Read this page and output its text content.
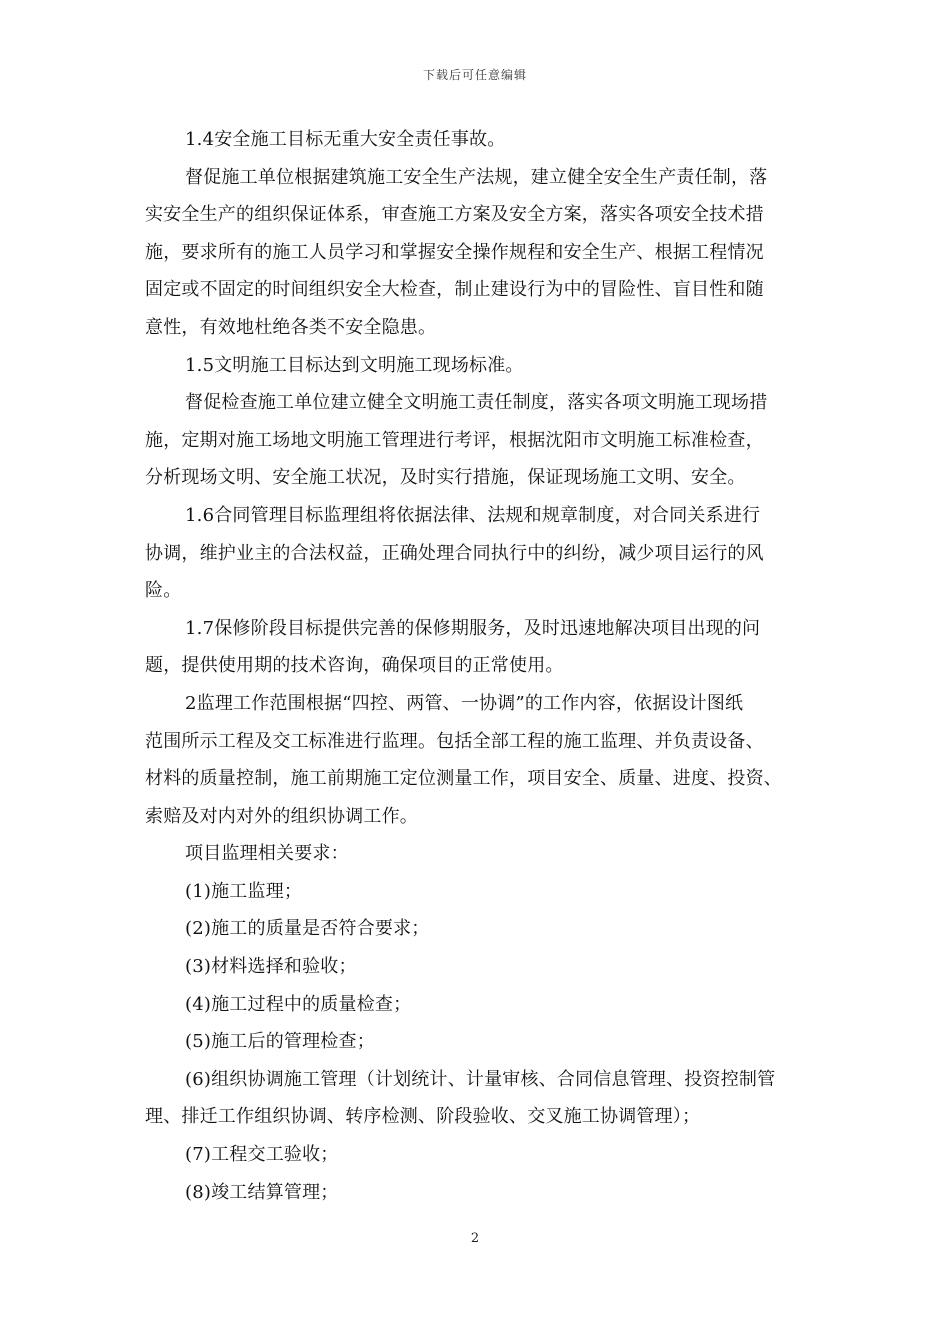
下载后可任意编辑
1.4安全施工目标无重大安全责任事故。
督促施工单位根据建筑施工安全生产法规，建立健全安全生产责任制，落
实安全生产的组织保证体系，审查施工方案及安全方案，落实各项安全技术措
施，要求所有的施工人员学习和掌握安全操作规程和安全生产、根据工程情况
固定或不固定的时间组织安全大检查，制止建设行为中的冒险性、盲目性和随
意性，有效地杜绝各类不安全隐患。
1.5文明施工目标达到文明施工现场标准。
督促检查施工单位建立健全文明施工责任制度，落实各项文明施工现场措
施，定期对施工场地文明施工管理进行考评，根据沈阳市文明施工标准检查，
分析现场文明、安全施工状况，及时实行措施，保证现场施工文明、安全。
1.6合同管理目标监理组将依据法律、法规和规章制度，对合同关系进行
协调，维护业主的合法权益，正确处理合同执行中的纠纷，减少项目运行的风
险。
1.7保修阶段目标提供完善的保修期服务，及时迅速地解决项目出现的问
题，提供使用期的技术咨询，确保项目的正常使用。
2监理工作范围根据“四控、两管、一协调”的工作内容，依据设计图纸
范围所示工程及交工标准进行监理。包括全部工程的施工监理、并负责设备、
材料的质量控制，施工前期施工定位测量工作，项目安全、质量、进度、投资、
索赔及对内对外的组织协调工作。
项目监理相关要求：
(1)施工监理；
(2)施工的质量是否符合要求；
(3)材料选择和验收；
(4)施工过程中的质量检查；
(5)施工后的管理检查；
(6)组织协调施工管理（计划统计、计量审核、合同信息管理、投资控制管
理、排迁工作组织协调、转序检测、阶段验收、交叉施工协调管理）；
(7)工程交工验收；
(8)竣工结算管理；
2
